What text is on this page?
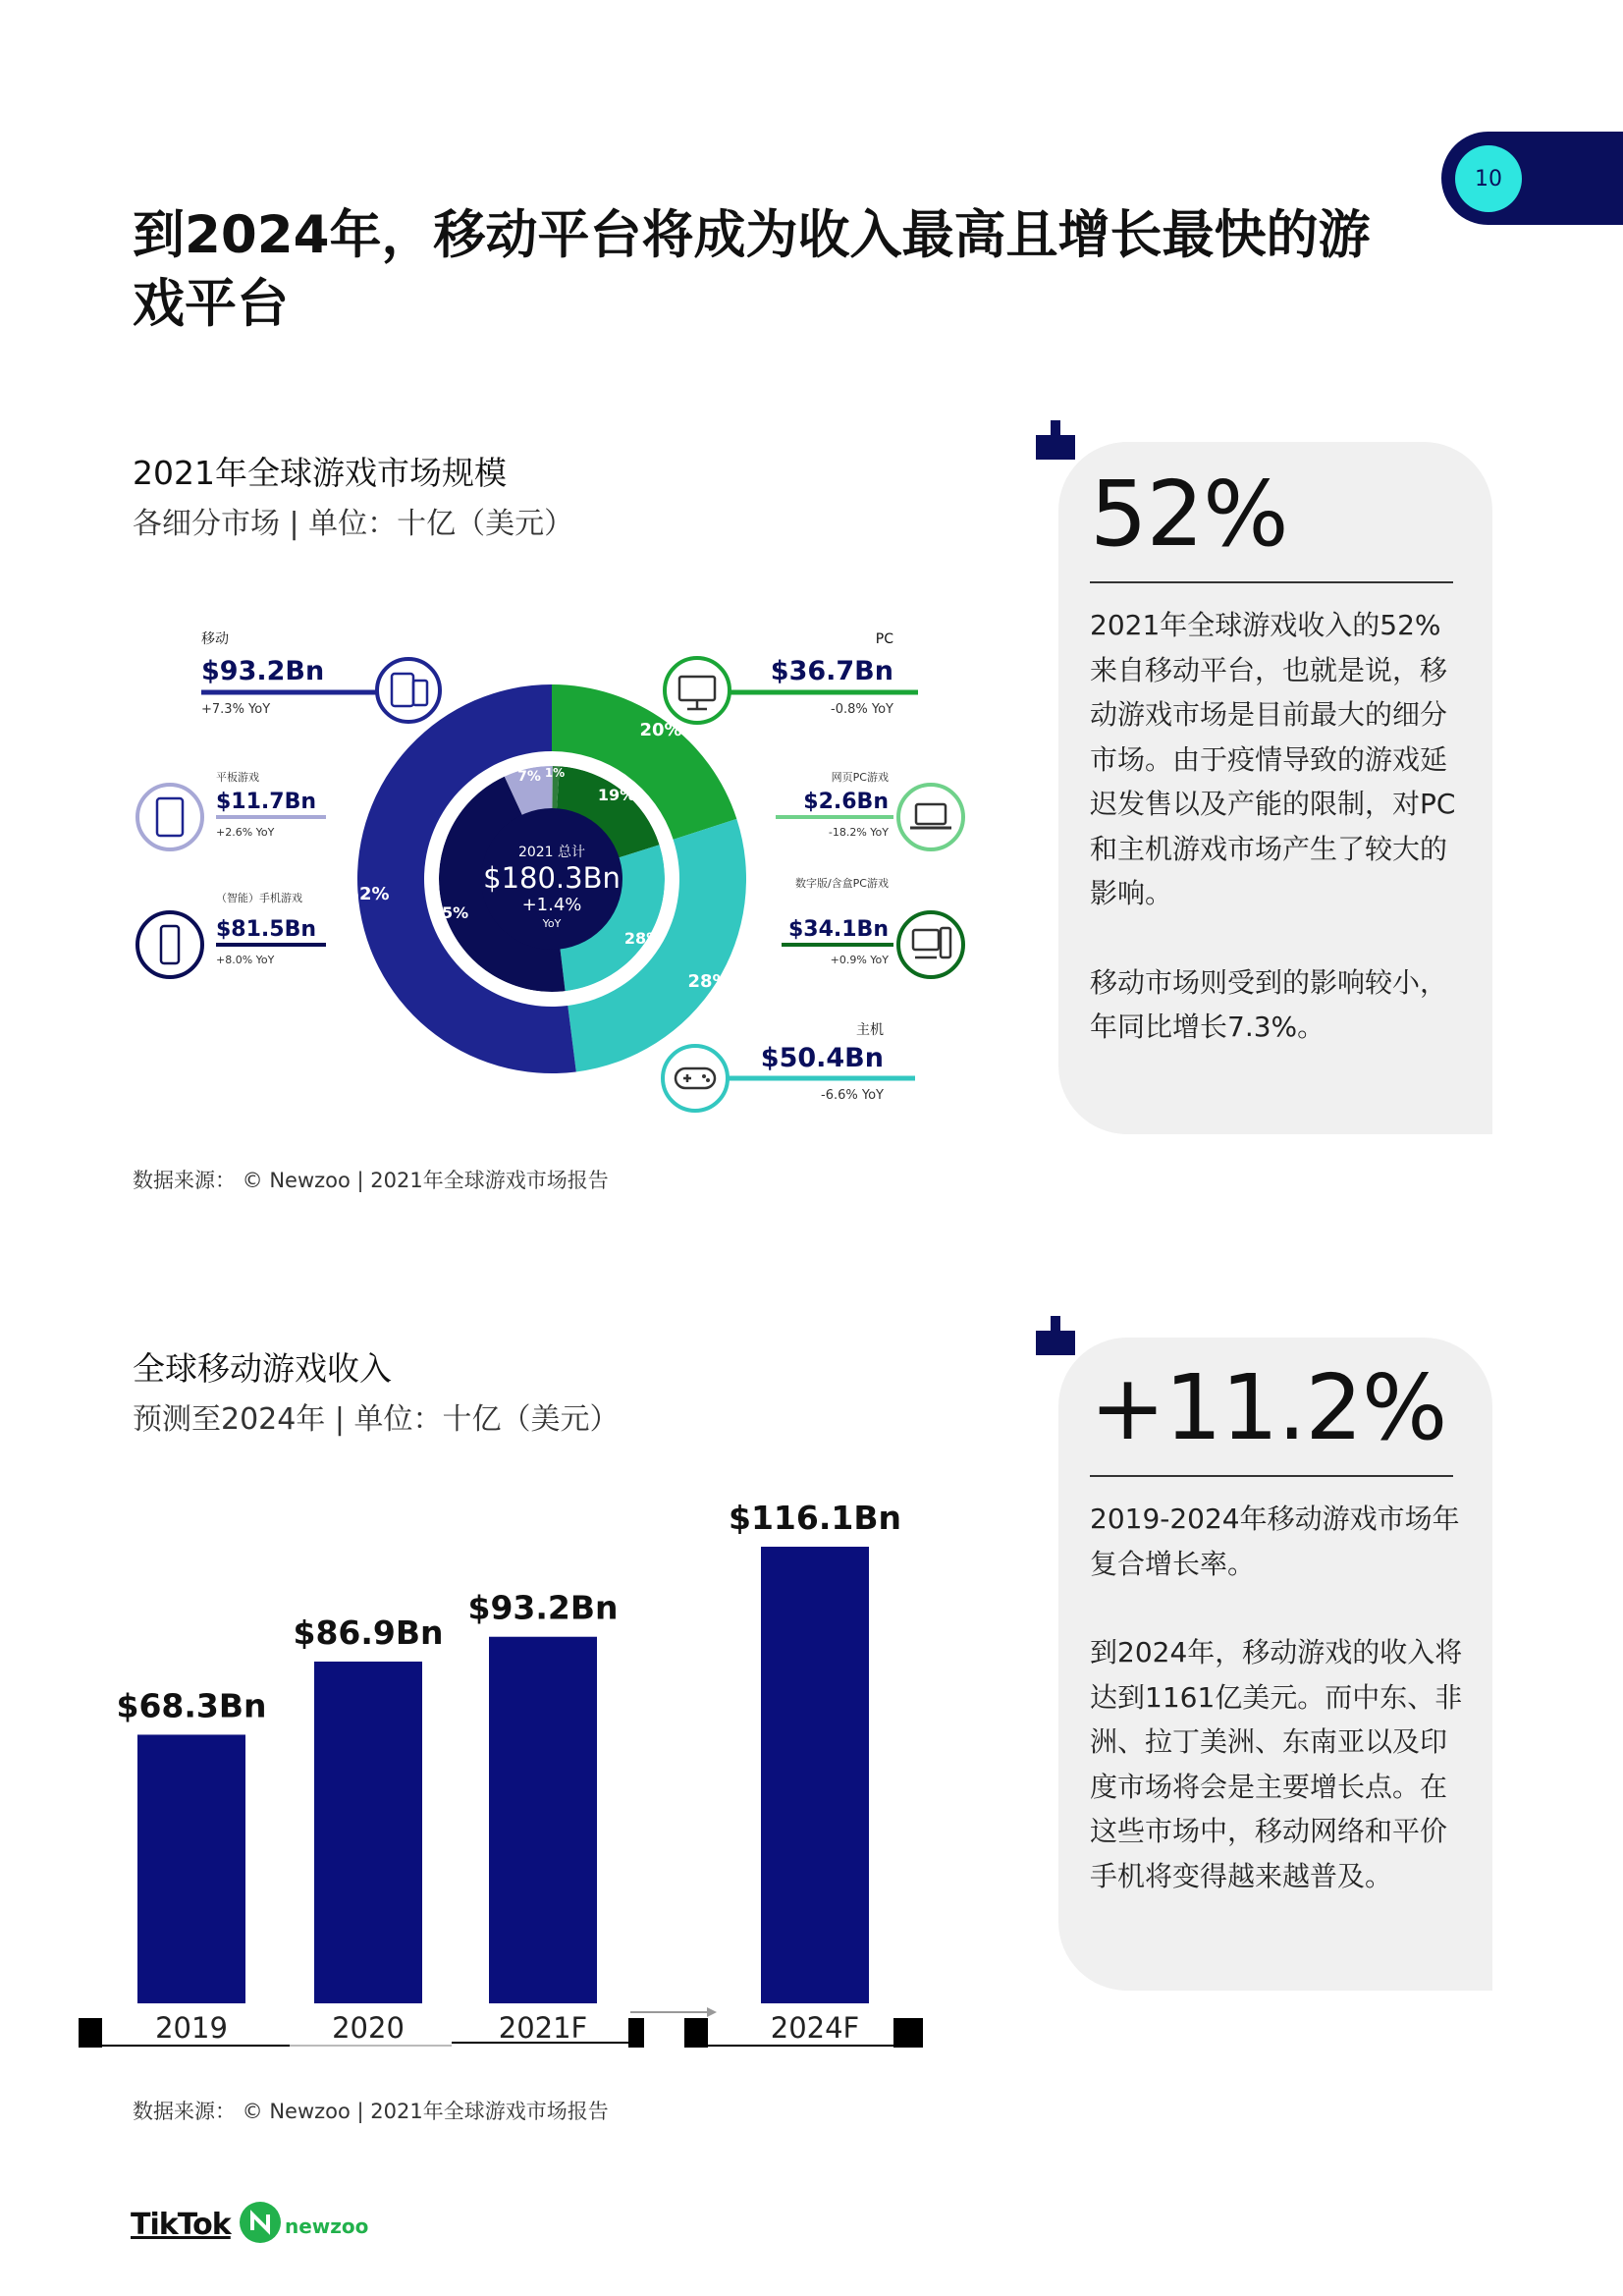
10
到2024年，移动平台将成为收入最高且增长最快的游戏平台
2021年全球游戏市场规模
各细分市场 | 单位：十亿（美元）
2021 总计
$180.3Bn
+1.4%
YoY
52%
20%
28%
45%
7% 1%
19%
28%
移动
$93.2Bn
+7.3% YoY
平板游戏
$11.7Bn
+2.6% YoY
（智能）手机游戏
$81.5Bn
+8.0% YoY
PC
$36.7Bn
-0.8% YoY
网页PC游戏
$2.6Bn
-18.2% YoY
数字版/含盒PC游戏
$34.1Bn
+0.9% YoY
主机
$50.4Bn
-6.6% YoY
数据来源： © Newzoo | 2021年全球游戏市场报告
52%

2021年全球游戏收入的52%来自移动平台，也就是说，移动游戏市场是目前最大的细分市场。由于疫情导致的游戏延迟发售以及产能的限制，对PC和主机游戏市场产生了较大的影响。

移动市场则受到的影响较小，年同比增长7.3%。

全球移动游戏收入
预测至2024年 | 单位：十亿（美元）
$68.3Bn
2019
$86.9Bn
2020
$93.2Bn
2021F
$116.1Bn
2024F
数据来源： © Newzoo | 2021年全球游戏市场报告
+11.2%

2019-2024年移动游戏市场年复合增长率。

到2024年，移动游戏的收入将达到1161亿美元。而中东、非洲、拉丁美洲、东南亚以及印度市场将会是主要增长点。在这些市场中，移动网络和平价手机将变得越来越普及。

TikTok	newzoo
